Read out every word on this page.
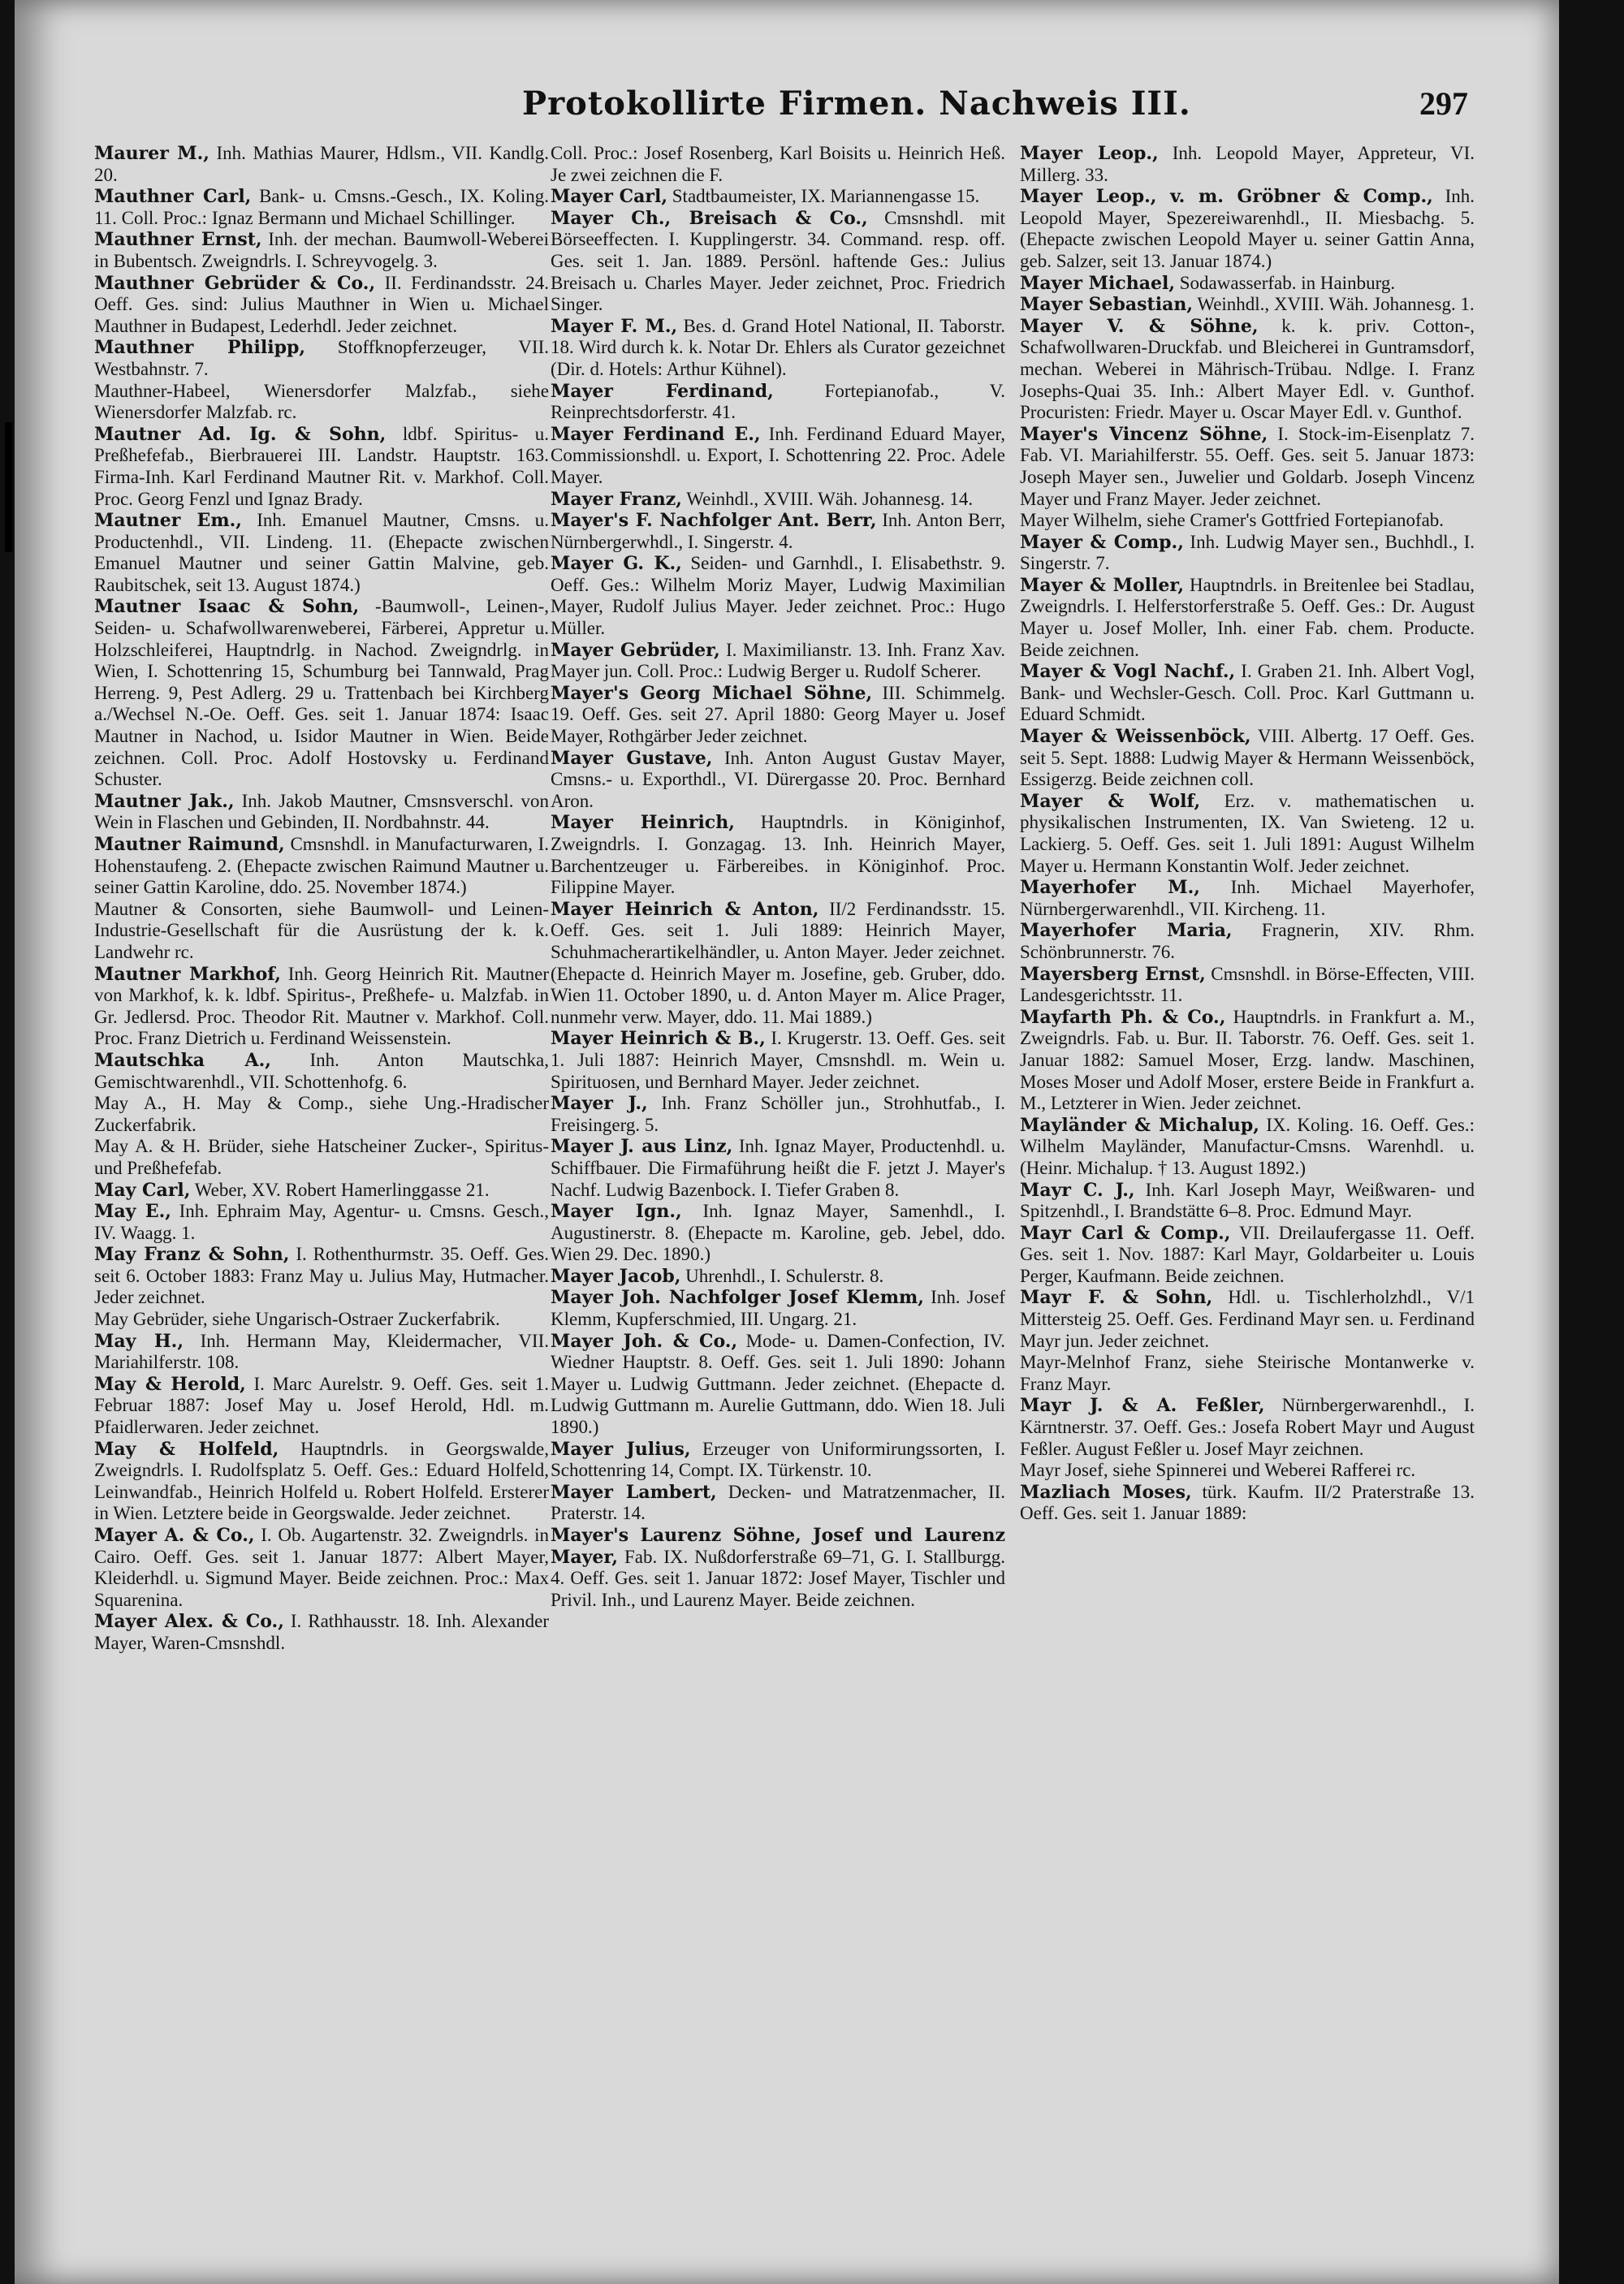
Protokollirte Firmen. Nachweis III.	297

Maurer M., Inh. Mathias Maurer, Hdlsm., VII. Kandlg. 20.

Mauthner Carl, Bank- u. Cmsns.-Gesch., IX. Koling. 11. Coll. Proc.: Ignaz Bermann und Michael Schillinger.

Mauthner Ernst, Inh. der mechan. Baumwoll-Weberei in Bubentsch. Zweigndrls. I. Schreyvogelg. 3.

Mauthner Gebrüder & Co., II. Ferdinandsstr. 24. Oeff. Ges. sind: Julius Mauthner in Wien u. Michael Mauthner in Budapest, Lederhdl. Jeder zeichnet.

Mauthner Philipp, Stoffknopferzeuger, VII. Westbahnstr. 7.

Mauthner-Habeel, Wienersdorfer Malzfab., siehe Wienersdorfer Malzfab. rc.

Mautner Ad. Ig. & Sohn, ldbf. Spiritus- u. Preßhefefab., Bierbrauerei III. Landstr. Hauptstr. 163. Firma-Inh. Karl Ferdinand Mautner Rit. v. Markhof. Coll. Proc. Georg Fenzl und Ignaz Brady.

Mautner Em., Inh. Emanuel Mautner, Cmsns. u. Productenhdl., VII. Lindeng. 11. (Ehepacte zwischen Emanuel Mautner und seiner Gattin Malvine, geb. Raubitschek, seit 13. August 1874.)

Mautner Isaac & Sohn, -Baumwoll-, Leinen-, Seiden- u. Schafwollwarenweberei, Färberei, Appretur u. Holzschleiferei, Hauptndrlg. in Nachod. Zweigndrlg. in Wien, I. Schottenring 15, Schumburg bei Tannwald, Prag Herreng. 9, Pest Adlerg. 29 u. Trattenbach bei Kirchberg a./Wechsel N.-Oe. Oeff. Ges. seit 1. Januar 1874: Isaac Mautner in Nachod, u. Isidor Mautner in Wien. Beide zeichnen. Coll. Proc. Adolf Hostovsky u. Ferdinand Schuster.

Mautner Jak., Inh. Jakob Mautner, Cmsnsverschl. von Wein in Flaschen und Gebinden, II. Nordbahnstr. 44.

Mautner Raimund, Cmsnshdl. in Manufacturwaren, I. Hohenstaufeng. 2. (Ehepacte zwischen Raimund Mautner u. seiner Gattin Karoline, ddo. 25. November 1874.)

Mautner & Consorten, siehe Baumwoll- und Leinen-Industrie-Gesellschaft für die Ausrüstung der k. k. Landwehr rc.

Mautner Markhof, Inh. Georg Heinrich Rit. Mautner von Markhof, k. k. ldbf. Spiritus-, Preßhefe- u. Malzfab. in Gr. Jedlersd. Proc. Theodor Rit. Mautner v. Markhof. Coll. Proc. Franz Dietrich u. Ferdinand Weissenstein.

Mautschka A., Inh. Anton Mautschka, Gemischtwarenhdl., VII. Schottenhofg. 6.

May A., H. May & Comp., siehe Ung.-Hradischer Zuckerfabrik.

May A. & H. Brüder, siehe Hatscheiner Zucker-, Spiritus- und Preßhefefab.

May Carl, Weber, XV. Robert Hamerlinggasse 21.

May E., Inh. Ephraim May, Agentur- u. Cmsns. Gesch., IV. Waagg. 1.

May Franz & Sohn, I. Rothenthurmstr. 35. Oeff. Ges. seit 6. October 1883: Franz May u. Julius May, Hutmacher. Jeder zeichnet.

May Gebrüder, siehe Ungarisch-Ostraer Zuckerfabrik.

May H., Inh. Hermann May, Kleidermacher, VII. Mariahilferstr. 108.

May & Herold, I. Marc Aurelstr. 9. Oeff. Ges. seit 1. Februar 1887: Josef May u. Josef Herold, Hdl. m. Pfaidlerwaren. Jeder zeichnet.

May & Holfeld, Hauptndrls. in Georgswalde, Zweigndrls. I. Rudolfsplatz 5. Oeff. Ges.: Eduard Holfeld, Leinwandfab., Heinrich Holfeld u. Robert Holfeld. Ersterer in Wien. Letztere beide in Georgswalde. Jeder zeichnet.

Mayer A. & Co., I. Ob. Augartenstr. 32. Zweigndrls. in Cairo. Oeff. Ges. seit 1. Januar 1877: Albert Mayer, Kleiderhdl. u. Sigmund Mayer. Beide zeichnen. Proc.: Max Squarenina.

Mayer Alex. & Co., I. Rathhausstr. 18. Inh. Alexander Mayer, Waren-Cmsnshdl.

Coll. Proc.: Josef Rosenberg, Karl Boisits u. Heinrich Heß. Je zwei zeichnen die F.

Mayer Carl, Stadtbaumeister, IX. Mariannengasse 15.

Mayer Ch., Breisach & Co., Cmsnshdl. mit Börseeffecten. I. Kupplingerstr. 34. Command. resp. off. Ges. seit 1. Jan. 1889. Persönl. haftende Ges.: Julius Breisach u. Charles Mayer. Jeder zeichnet, Proc. Friedrich Singer.

Mayer F. M., Bes. d. Grand Hotel National, II. Taborstr. 18. Wird durch k. k. Notar Dr. Ehlers als Curator gezeichnet (Dir. d. Hotels: Arthur Kühnel).

Mayer Ferdinand,	Fortepianofab., V. Reinprechtsdorferstr. 41.

Mayer Ferdinand E., Inh. Ferdinand Eduard Mayer, Commissionshdl. u. Export, I. Schottenring 22. Proc. Adele Mayer.

Mayer Franz, Weinhdl., XVIII. Wäh. Johannesg. 14.

Mayer's F. Nachfolger Ant. Berr, Inh. Anton Berr, Nürnbergerwhdl., I. Singerstr. 4.

Mayer G. K., Seiden- und Garnhdl., I. Elisabethstr. 9. Oeff. Ges.: Wilhelm Moriz Mayer, Ludwig Maximilian Mayer, Rudolf Julius Mayer. Jeder zeichnet. Proc.: Hugo Müller.

Mayer Gebrüder, I. Maximilianstr. 13. Inh. Franz Xav. Mayer jun. Coll. Proc.: Ludwig Berger u. Rudolf Scherer.

Mayer's Georg Michael Söhne, III. Schimmelg. 19. Oeff. Ges. seit 27. April 1880: Georg Mayer u. Josef Mayer, Rothgärber Jeder zeichnet.

Mayer Gustave, Inh. Anton August Gustav Mayer, Cmsns.- u. Exporthdl., VI. Dürergasse 20. Proc. Bernhard Aron.

Mayer Heinrich, Hauptndrls. in Königinhof, Zweigndrls. I. Gonzagag. 13. Inh. Heinrich Mayer, Barchentzeuger u. Färbereibes. in Königinhof. Proc. Filippine Mayer.

Mayer Heinrich & Anton, II/2 Ferdinandsstr. 15. Oeff. Ges. seit 1. Juli 1889: Heinrich Mayer, Schuhmacherartikelhändler, u. Anton Mayer. Jeder zeichnet. (Ehepacte d. Heinrich Mayer m. Josefine, geb. Gruber, ddo. Wien 11. October 1890, u. d. Anton Mayer m. Alice Prager, nunmehr verw. Mayer, ddo. 11. Mai 1889.)

Mayer Heinrich & B., I. Krugerstr. 13. Oeff. Ges. seit 1. Juli 1887: Heinrich Mayer, Cmsnshdl. m. Wein u. Spirituosen, und Bernhard Mayer. Jeder zeichnet.

Mayer J., Inh. Franz Schöller jun., Strohhutfab., I. Freisingerg. 5.

Mayer J. aus Linz, Inh. Ignaz Mayer, Productenhdl. u. Schiffbauer. Die Firmaführung heißt die F. jetzt J. Mayer's Nachf. Ludwig Bazenbock. I. Tiefer Graben 8.

Mayer Ign., Inh. Ignaz Mayer, Samenhdl., I. Augustinerstr. 8. (Ehepacte m. Karoline, geb. Jebel, ddo. Wien 29. Dec. 1890.)

Mayer Jacob, Uhrenhdl., I. Schulerstr. 8.

Mayer Joh. Nachfolger Josef Klemm, Inh. Josef Klemm, Kupferschmied, III. Ungarg. 21.

Mayer Joh. & Co., Mode- u. Damen-Confection, IV. Wiedner Hauptstr. 8. Oeff. Ges. seit 1. Juli 1890: Johann Mayer u. Ludwig Guttmann. Jeder zeichnet. (Ehepacte d. Ludwig Guttmann m. Aurelie Guttmann, ddo. Wien 18. Juli 1890.)

Mayer Julius, Erzeuger von Uniformirungssorten, I. Schottenring 14, Compt. IX. Türkenstr. 10.

Mayer Lambert, Decken- und Matratzenmacher, II. Praterstr. 14.

Mayer's Laurenz Söhne, Josef und Laurenz Mayer, Fab. IX. Nußdorferstraße 69–71, G. I. Stallburgg. 4. Oeff. Ges. seit 1. Januar 1872: Josef Mayer, Tischler und Privil. Inh., und Laurenz Mayer. Beide zeichnen.

Mayer Leop., Inh. Leopold Mayer, Appreteur, VI. Millerg. 33.

Mayer Leop., v. m. Gröbner & Comp., Inh. Leopold Mayer, Spezereiwarenhdl., II. Miesbachg. 5. (Ehepacte zwischen Leopold Mayer u. seiner Gattin Anna, geb. Salzer, seit 13. Januar 1874.)

Mayer Michael, Sodawasserfab. in Hainburg.

Mayer Sebastian, Weinhdl., XVIII. Wäh. Johannesg. 1.

Mayer V. & Söhne, k. k. priv. Cotton-, Schafwollwaren-Druckfab. und Bleicherei in Guntramsdorf, mechan. Weberei in Mährisch-Trübau. Ndlge. I. Franz Josephs-Quai 35. Inh.: Albert Mayer Edl. v. Gunthof. Procuristen: Friedr. Mayer u. Oscar Mayer Edl. v. Gunthof.

Mayer's Vincenz Söhne, I. Stock-im-Eisenplatz 7. Fab. VI. Mariahilferstr. 55. Oeff. Ges. seit 5. Januar 1873: Joseph Mayer sen., Juwelier und Goldarb. Joseph Vincenz Mayer und Franz Mayer. Jeder zeichnet.

Mayer Wilhelm, siehe Cramer's Gottfried Fortepianofab.

Mayer & Comp., Inh. Ludwig Mayer sen., Buchhdl., I. Singerstr. 7.

Mayer & Moller, Hauptndrls. in Breitenlee bei Stadlau, Zweigndrls. I. Helferstorferstraße 5. Oeff. Ges.: Dr. August Mayer u. Josef Moller, Inh. einer Fab. chem. Producte. Beide zeichnen.

Mayer & Vogl Nachf., I. Graben 21. Inh. Albert Vogl, Bank- und Wechsler-Gesch. Coll. Proc. Karl Guttmann u. Eduard Schmidt.

Mayer & Weissenböck, VIII. Albertg. 17 Oeff. Ges. seit 5. Sept. 1888: Ludwig Mayer & Hermann Weissenböck, Essigerzg. Beide zeichnen coll.

Mayer & Wolf, Erz. v. mathematischen u. physikalischen Instrumenten, IX. Van Swieteng. 12 u. Lackierg. 5. Oeff. Ges. seit 1. Juli 1891: August Wilhelm Mayer u. Hermann Konstantin Wolf. Jeder zeichnet.

Mayerhofer M., Inh. Michael Mayerhofer, Nürnbergerwarenhdl., VII. Kircheng. 11.

Mayerhofer Maria, Fragnerin, XIV. Rhm. Schönbrunnerstr. 76.

Mayersberg Ernst, Cmsnshdl. in Börse-Effecten, VIII. Landesgerichtsstr. 11.

Mayfarth Ph. & Co., Hauptndrls. in Frankfurt a. M., Zweigndrls. Fab. u. Bur. II. Taborstr. 76. Oeff. Ges. seit 1. Januar 1882: Samuel Moser, Erzg. landw. Maschinen, Moses Moser und Adolf Moser, erstere Beide in Frankfurt a. M., Letzterer in Wien. Jeder zeichnet.

Mayländer & Michalup, IX. Koling. 16. Oeff. Ges.: Wilhelm Mayländer, Manufactur-Cmsns. Warenhdl. u. (Heinr. Michalup. † 13. August 1892.)

Mayr C. J., Inh. Karl Joseph Mayr, Weißwaren- und Spitzenhdl., I. Brandstätte 6–8. Proc. Edmund Mayr.

Mayr Carl & Comp., VII. Dreilaufergasse 11. Oeff. Ges. seit 1. Nov. 1887: Karl Mayr, Goldarbeiter u. Louis Perger, Kaufmann. Beide zeichnen.

Mayr F. & Sohn, Hdl. u. Tischlerholzhdl., V/1 Mittersteig 25. Oeff. Ges. Ferdinand Mayr sen. u. Ferdinand Mayr jun. Jeder zeichnet.

Mayr-Melnhof Franz, siehe Steirische Montanwerke v. Franz Mayr.

Mayr J. & A. Feßler, Nürnbergerwarenhdl., I. Kärntnerstr. 37. Oeff. Ges.: Josefa Robert Mayr und August Feßler. August Feßler u. Josef Mayr zeichnen.

Mayr Josef, siehe Spinnerei und Weberei Rafferei rc.

Mazliach Moses, türk. Kaufm. II/2 Praterstraße 13. Oeff. Ges. seit 1. Januar 1889:
